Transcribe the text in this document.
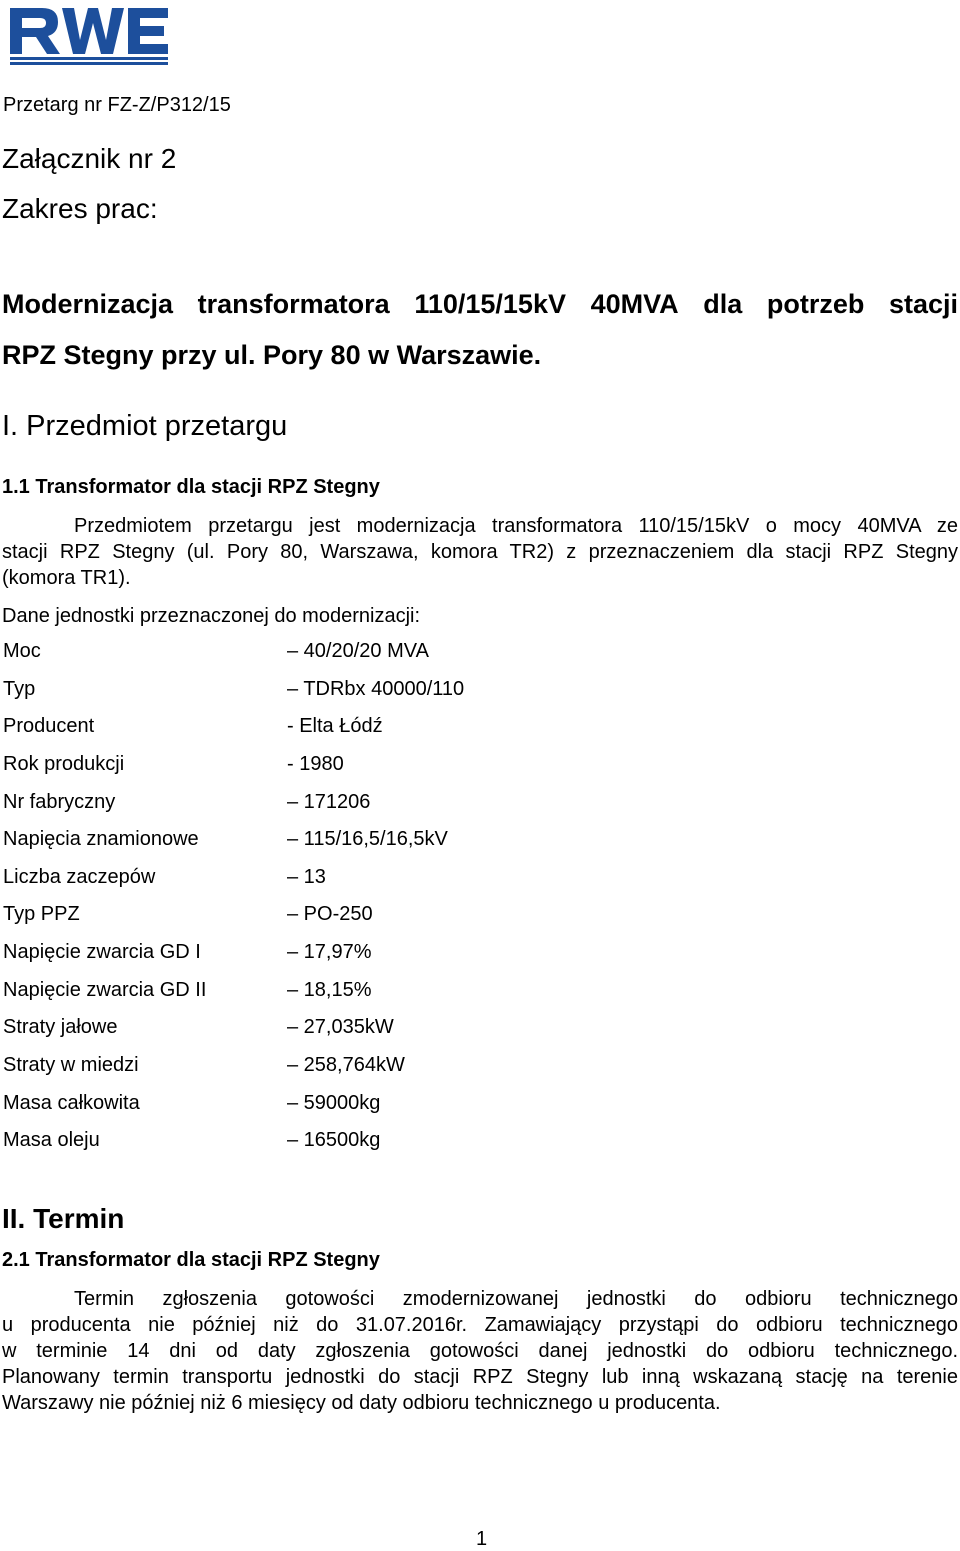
Przetarg nr FZ-Z/P312/15
Załącznik nr 2
Zakres prac:
Modernizacja transformatora 110/15/15kV 40MVA dla potrzeb stacji
RPZ Stegny przy ul. Pory 80 w Warszawie.
I. Przedmiot przetargu
1.1 Transformator dla stacji RPZ Stegny
Przedmiotem przetargu jest modernizacja transformatora 110/15/15kV o mocy 40MVA ze
stacji RPZ Stegny (ul. Pory 80, Warszawa, komora TR2) z przeznaczeniem dla stacji RPZ Stegny
(komora TR1).
Dane jednostki przeznaczonej do modernizacji:
Moc	– 40/20/20 MVA
Typ	– TDRbx 40000/110
Producent	- Elta Łódź
Rok produkcji	- 1980
Nr fabryczny	– 171206
Napięcia znamionowe	– 115/16,5/16,5kV
Liczba zaczepów	– 13
Typ PPZ	– PO-250
Napięcie zwarcia GD I	– 17,97%
Napięcie zwarcia GD II	– 18,15%
Straty jałowe	– 27,035kW
Straty w miedzi	– 258,764kW
Masa całkowita	– 59000kg
Masa oleju	– 16500kg
II. Termin
2.1 Transformator dla stacji RPZ Stegny
Termin zgłoszenia gotowości zmodernizowanej jednostki do odbioru technicznego
u producenta nie później niż do 31.07.2016r. Zamawiający przystąpi do odbioru technicznego
w terminie 14 dni od daty zgłoszenia gotowości danej jednostki do odbioru technicznego.
Planowany termin transportu jednostki do stacji RPZ Stegny lub inną wskazaną stację na terenie
Warszawy nie później niż 6 miesięcy od daty odbioru technicznego u producenta.
1
